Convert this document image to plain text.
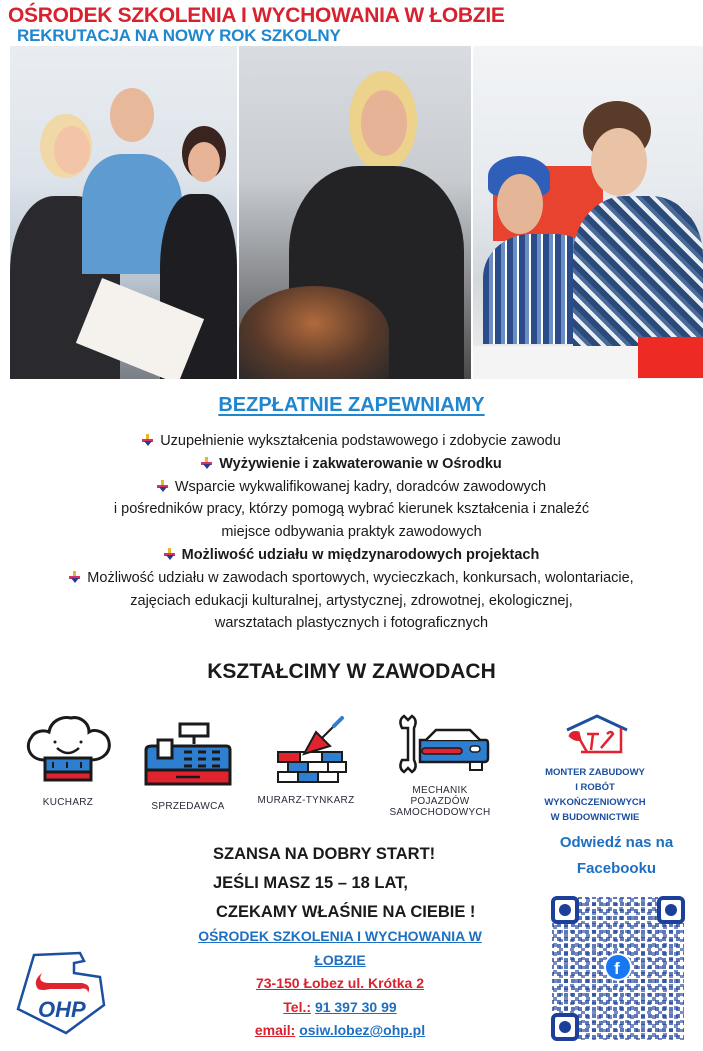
OŚRODEK SZKOLENIA I WYCHOWANIA W ŁOBZIE
REKRUTACJA NA NOWY ROK SZKOLNY
BEZPŁATNIE ZAPEWNIAMY
Uzupełnienie wykształcenia podstawowego i zdobycie zawodu
Wyżywienie i zakwaterowanie w Ośrodku
Wsparcie wykwalifikowanej kadry, doradców zawodowych
i pośredników pracy, którzy pomogą wybrać kierunek kształcenia i znaleźć
miejsce odbywania praktyk zawodowych
Możliwość udziału w międzynarodowych projektach
Możliwość udziału w zawodach sportowych, wycieczkach, konkursach, wolontariacie,
zajęciach edukacji kulturalnej, artystycznej, zdrowotnej, ekologicznej,
warsztatach plastycznych i fotograficznych
KSZTAŁCIMY W ZAWODACH
KUCHARZ	SPRZEDAWCA
MURARZ-TYNKARZ
MECHANIK
POJAZDÓW
SAMOCHODOWYCH
MONTER ZABUDOWY
I ROBÓT
WYKOŃCZENIOWYCH
W BUDOWNICTWIE
SZANSA NA DOBRY START!
JEŚLI MASZ 15 – 18 LAT,
CZEKAMY WŁAŚNIE NA CIEBIE !
OŚRODEK SZKOLENIA I WYCHOWANIA W
ŁOBZIE
73-150 Łobez ul. Krótka 2
Tel.: 91 397 30 99
email: osiw.lobez@ohp.pl
OHP
Odwiedź nas na
Facebooku
f
